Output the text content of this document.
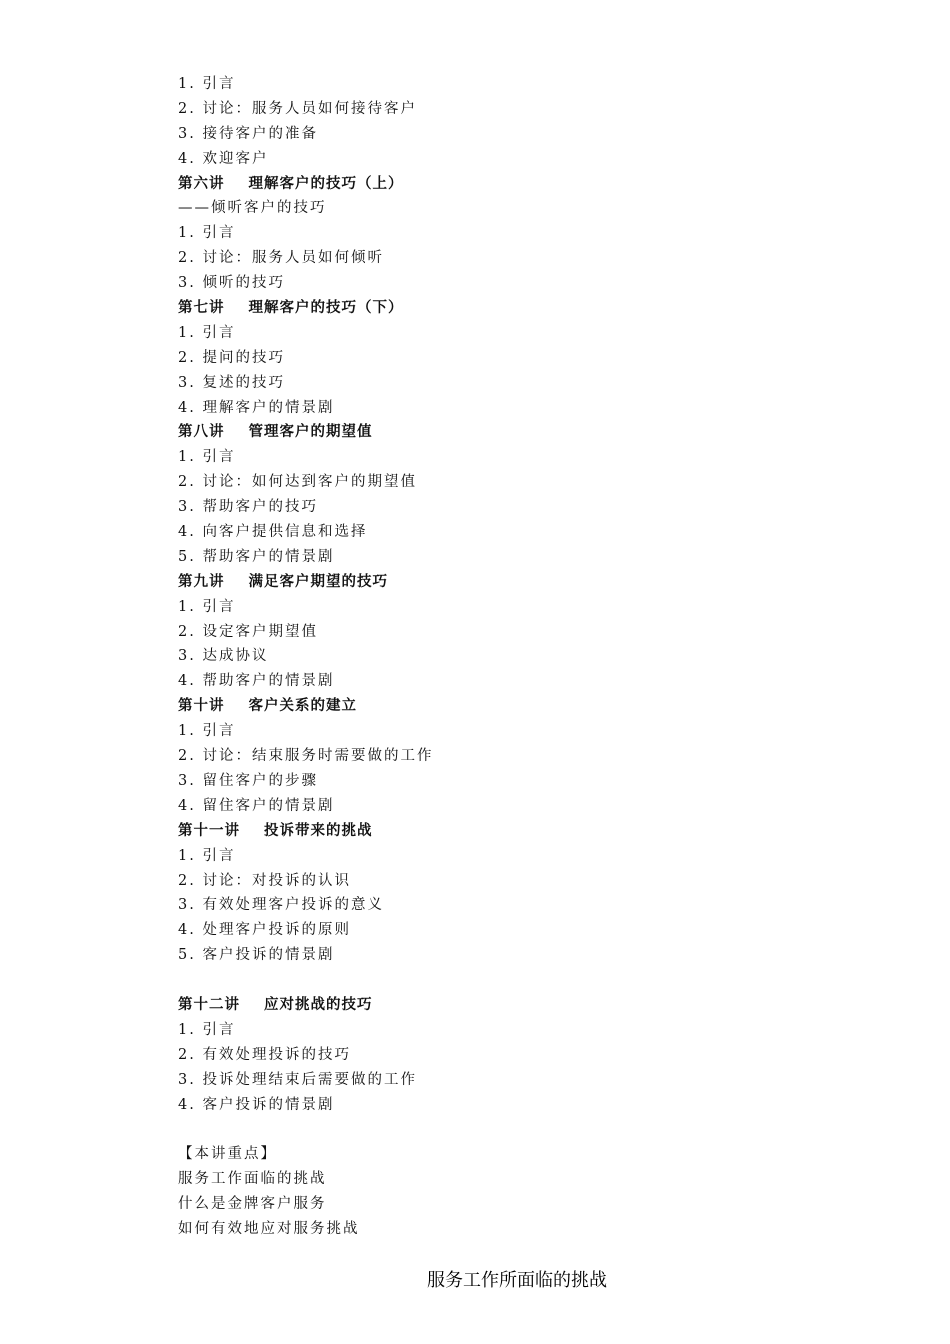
1. 引言
2. 讨论：服务人员如何接待客户
3. 接待客户的准备
4. 欢迎客户
第六讲 理解客户的技巧（上）
——倾听客户的技巧
1. 引言
2. 讨论：服务人员如何倾听
3. 倾听的技巧
第七讲 理解客户的技巧（下）
1. 引言
2. 提问的技巧
3. 复述的技巧
4. 理解客户的情景剧
第八讲 管理客户的期望值
1. 引言
2. 讨论：如何达到客户的期望值
3. 帮助客户的技巧
4. 向客户提供信息和选择
5. 帮助客户的情景剧
第九讲 满足客户期望的技巧
1. 引言
2. 设定客户期望值
3. 达成协议
4. 帮助客户的情景剧
第十讲 客户关系的建立
1. 引言
2. 讨论：结束服务时需要做的工作
3. 留住客户的步骤
4. 留住客户的情景剧
第十一讲 投诉带来的挑战
1. 引言
2. 讨论：对投诉的认识
3. 有效处理客户投诉的意义
4. 处理客户投诉的原则
5. 客户投诉的情景剧
第十二讲 应对挑战的技巧
1. 引言
2. 有效处理投诉的技巧
3. 投诉处理结束后需要做的工作
4. 客户投诉的情景剧
【本讲重点】
服务工作面临的挑战
什么是金牌客户服务
如何有效地应对服务挑战
服务工作所面临的挑战
